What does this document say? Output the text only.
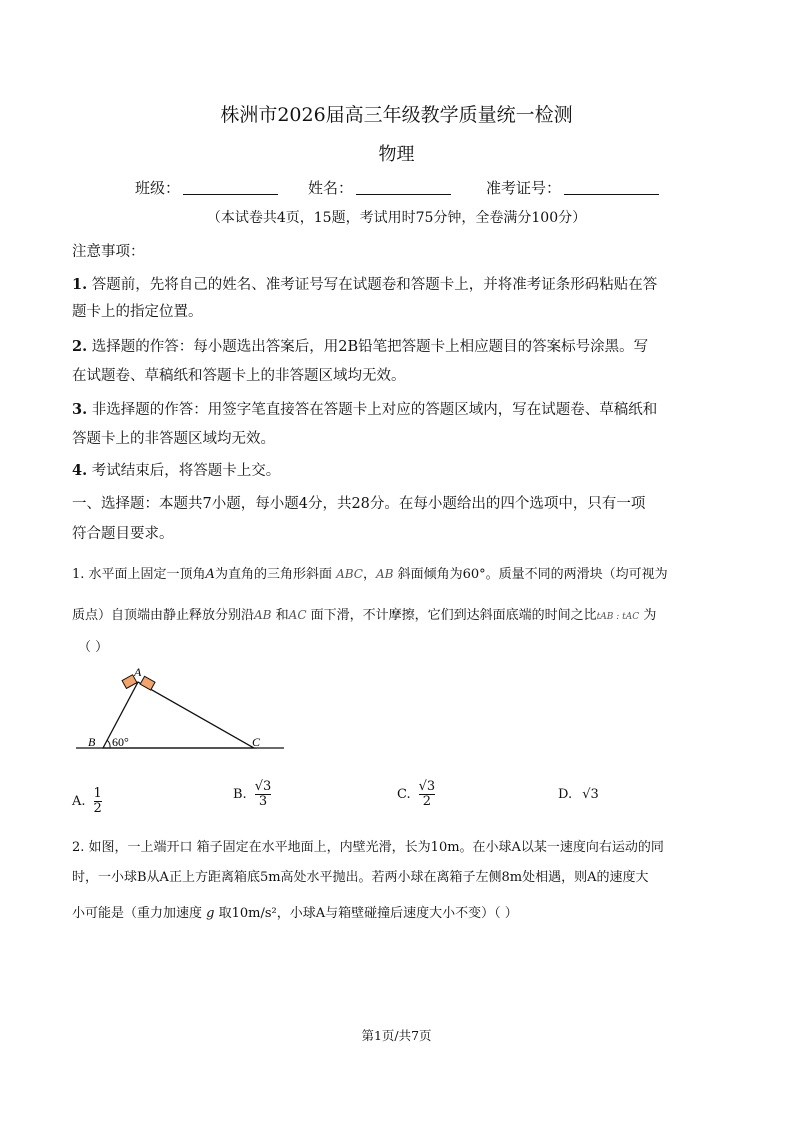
株洲市2026届高三年级教学质量统一检测
物理
班级：	姓名：	准考证号：
（本试卷共4页，15题，考试用时75分钟，全卷满分100分）
注意事项：
1. 答题前，先将自己的姓名、准考证号写在试题卷和答题卡上，并将准考证条形码粘贴在答
题卡上的指定位置。
2. 选择题的作答：每小题选出答案后，用2B铅笔把答题卡上相应题目的答案标号涂黑。写
在试题卷、草稿纸和答题卡上的非答题区域均无效。
3. 非选择题的作答：用签字笔直接答在答题卡上对应的答题区域内，写在试题卷、草稿纸和
答题卡上的非答题区域均无效。
4. 考试结束后，将答题卡上交。
一、选择题：本题共7小题，每小题4分，共28分。在每小题给出的四个选项中，只有一项
符合题目要求。
1. 水平面上固定一顶角A为直角的三角形斜面 ABC，AB 斜面倾角为60°。质量不同的两滑块（均可视为
质点）自顶端由静止释放分别沿AB 和AC 面下滑，不计摩擦，它们到达斜面底端的时间之比tAB : tAC 为
（ ）
A
B 60°	C
A. $\frac{1}{2}$	B. $\frac{√3}{3}$	C. $\frac{√3}{2}$	D. √3
2. 如图，一上端开口 箱子固定在水平地面上，内壁光滑，长为10m。在小球A以某一速度向右运动的同
时，一小球B从A正上方距离箱底5m高处水平抛出。若两小球在离箱子左侧8m处相遇，则A的速度大
小可能是（重力加速度 g 取10m/s²，小球A与箱壁碰撞后速度大小不变）（ ）
第1页/共7页
